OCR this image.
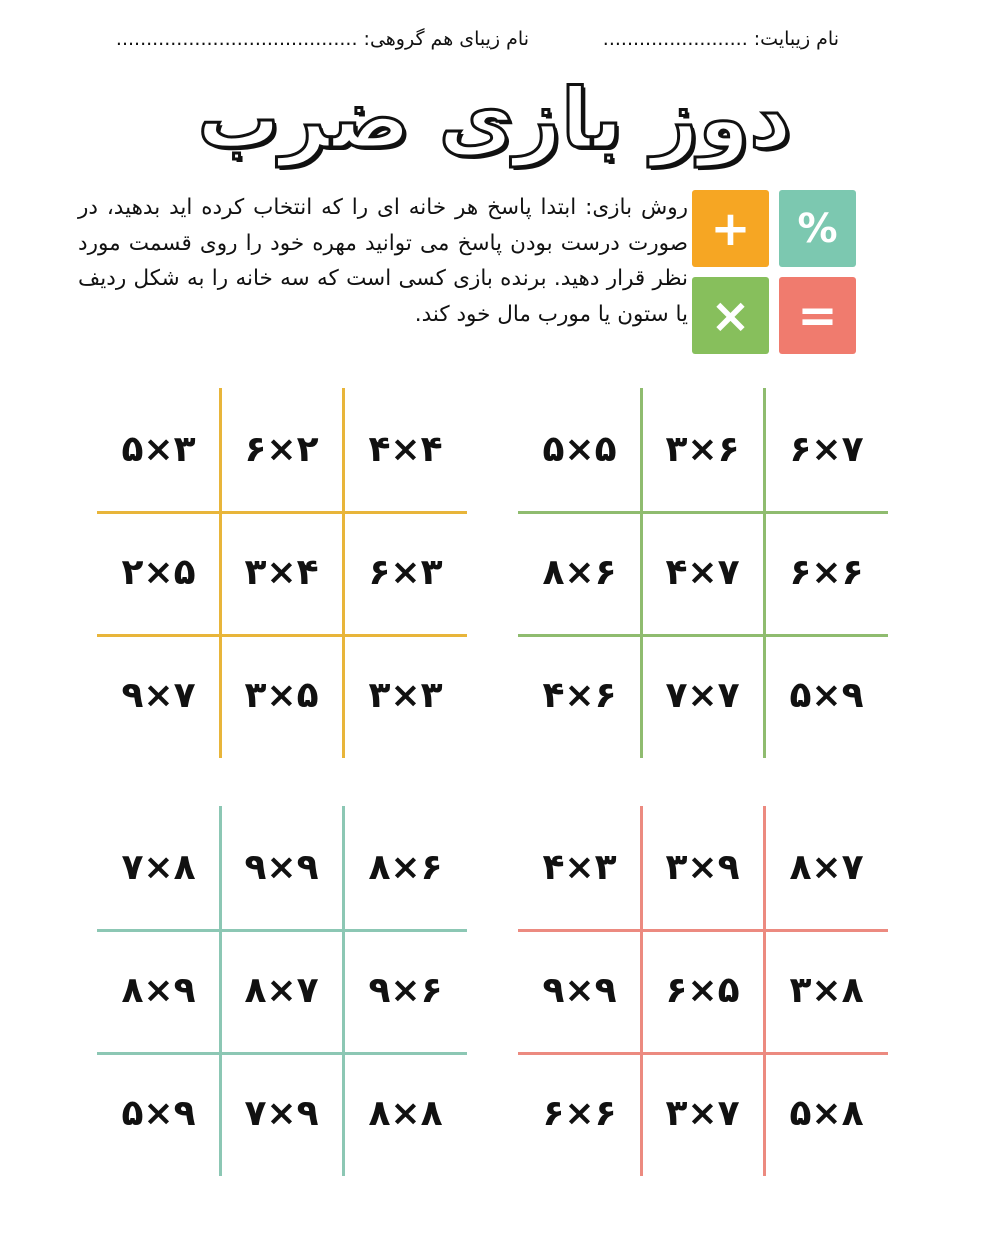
نام زیبایت: ........................
نام زیبای هم گروهی: ........................................
دوز بازی ضرب
روش بازی: ابتدا پاسخ هر خانه ای را که انتخاب کرده اید بدهید، در صورت درست بودن پاسخ می توانید مهره خود را روی قسمت مورد نظر قرار دهید. برنده بازی کسی است که سه خانه را به شکل ردیف یا ستون یا مورب مال خود کند.
+	%
× =
۵×۳	۶×۲	۴×۴
۲×۵	۳×۴	۶×۳
۹×۷	۳×۵	۳×۳
۵×۵	۳×۶	۶×۷
۸×۶	۴×۷	۶×۶
۴×۶	۷×۷	۵×۹
۷×۸	۹×۹	۸×۶
۸×۹	۸×۷	۹×۶
۵×۹	۷×۹	۸×۸
۴×۳	۳×۹	۸×۷
۹×۹	۶×۵	۳×۸
۶×۶	۳×۷	۵×۸
